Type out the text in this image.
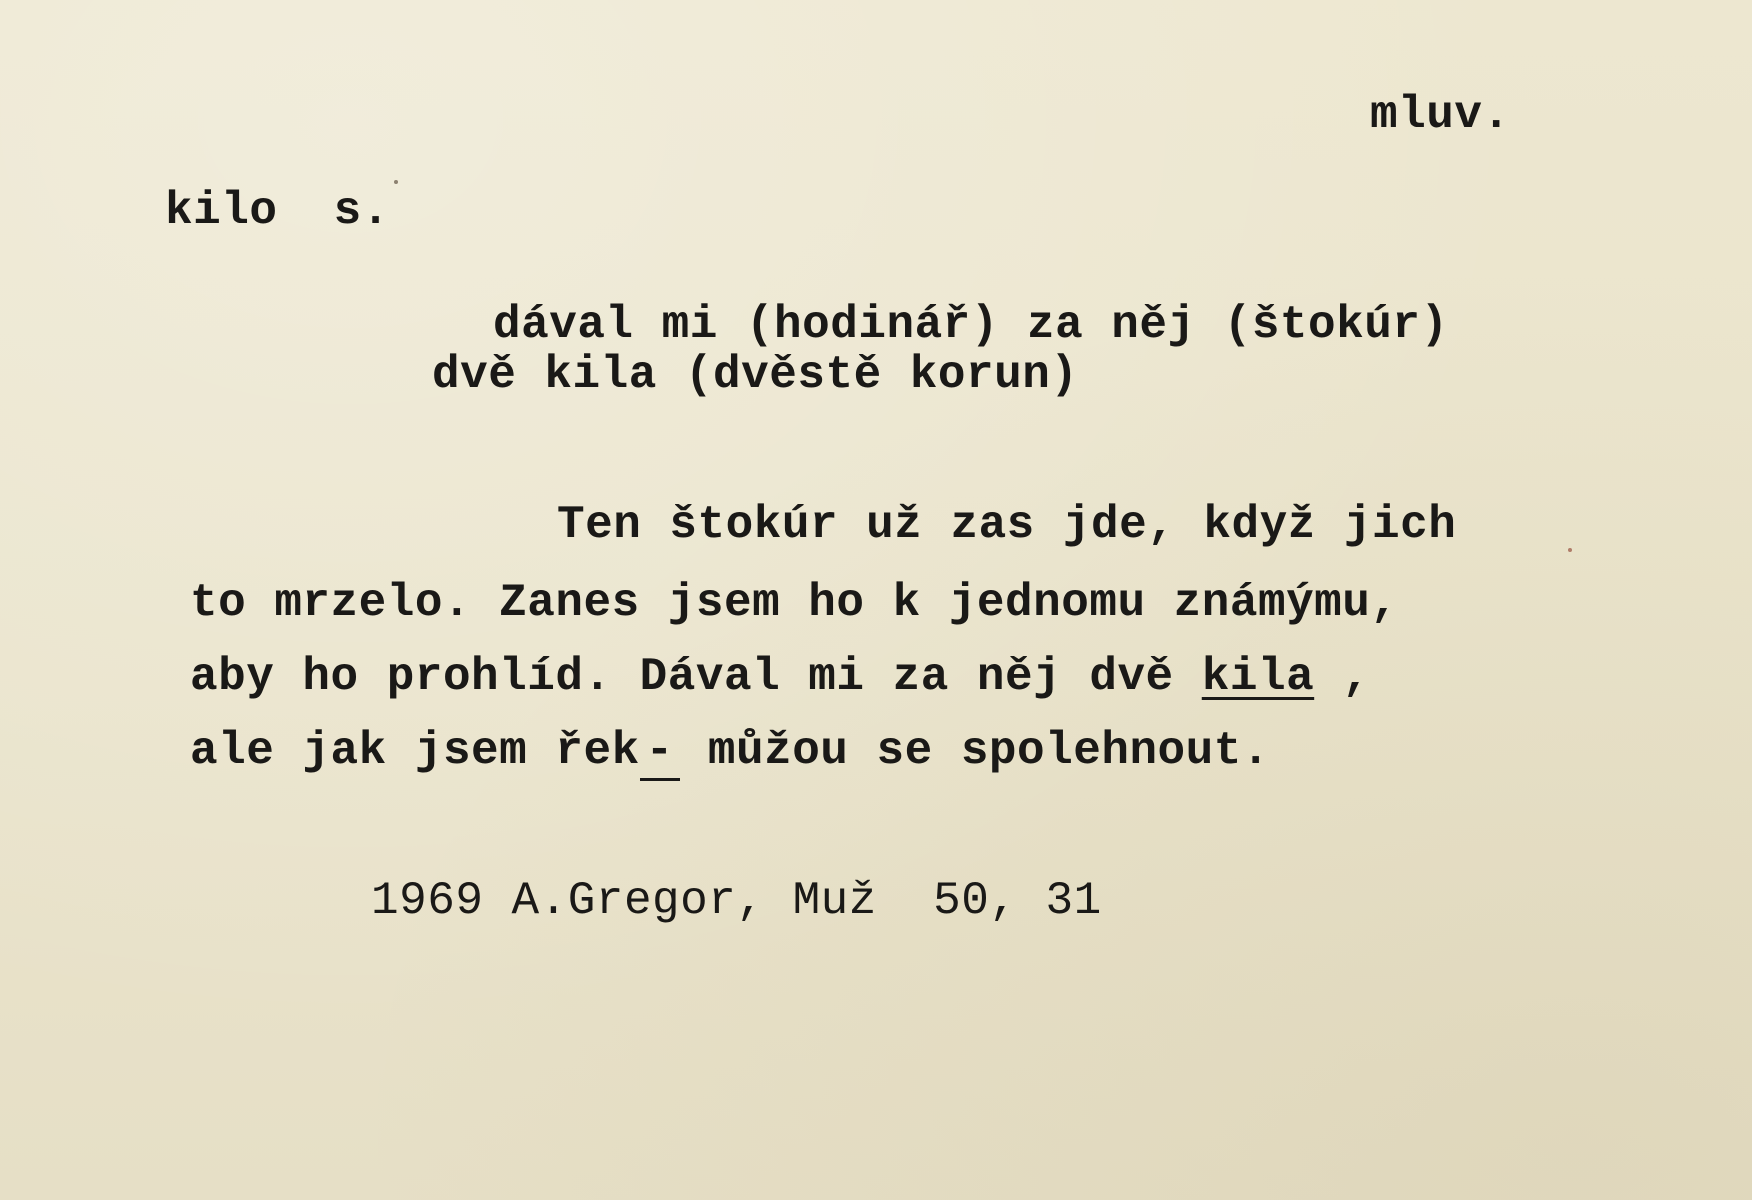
mluv.
kilo  s.
dával mi (hodinář) za něj (štokúr)
dvě kila (dvěstě korun)
Ten štokúr už zas jde, když jich
to mrzelo. Zanes jsem ho k jednomu známýmu,
aby ho prohlíd. Dával mi za něj dvě kila ,
ale jak jsem řek - můžou se spolehnout.
1969 A.Gregor, Muž  50, 31
